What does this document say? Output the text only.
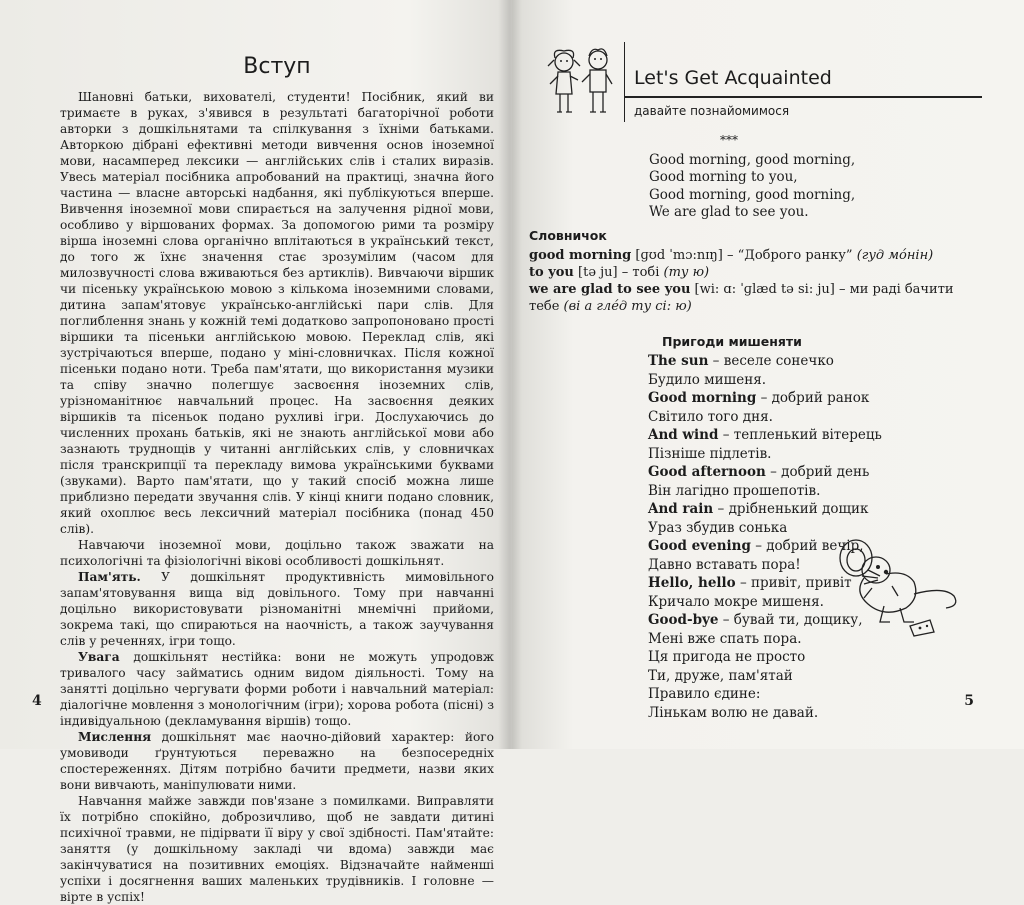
Вступ

Шановні батьки, вихователі, студенти! Посібник, який ви тримаєте в руках, з'явився в результаті багаторічної роботи авторки з дошкільнятами та спілкування з їхніми батьками. Авторкою дібрані ефективні методи вивчення основ іноземної мови, насамперед лексики — англійських слів і сталих виразів. Увесь матеріал посібника апробований на практиці, значна його частина — власне авторські надбання, які публікуються вперше. Вивчення іноземної мови спирається на залучення рідної мови, особливо у віршованих формах. За допомогою рими та розміру вірша іноземні слова органічно вплітаються в український текст, до того ж їхнє значення стає зрозумілим (часом для милозвучності слова вживаються без артиклів). Вивчаючи віршик чи пісеньку українською мовою з кількома іноземними словами, дитина запам'ятовує українсько-англійські пари слів. Для поглиблення знань у кожній темі додатково запропоновано прості віршики та пісеньки англійською мовою. Переклад слів, які зустрічаються вперше, подано у міні-словничках. Після кожної пісеньки подано ноти. Треба пам'ятати, що використання музики та співу значно полегшує засвоєння іноземних слів, урізноманітнює навчальний процес. На засвоєння деяких віршиків та пісеньок подано рухливі ігри. Дослухаючись до численних прохань батьків, які не знають англійської мови або зазнають труднощів у читанні англійських слів, у словничках після транскрипції та перекладу вимова українськими буквами (звуками). Варто пам'ятати, що у такий спосіб можна лише приблизно передати звучання слів. У кінці книги подано словник, який охоплює весь лексичний матеріал посібника (понад 450 слів).

Навчаючи іноземної мови, доцільно також зважати на психологічні та фізіологічні вікові особливості дошкільнят.

Пам'ять. У дошкільнят продуктивність мимовільного запам'ятовування вища від довільного. Тому при навчанні доцільно використовувати різноманітні мнемічні прийоми, зокрема такі, що спираються на наочність, а також заучування слів у реченнях, ігри тощо.

Увага дошкільнят нестійка: вони не можуть упродовж тривалого часу займатись одним видом діяльності. Тому на занятті доцільно чергувати форми роботи і навчальний матеріал: діалогічне мовлення з монологічним (ігри); хорова робота (пісні) з індивідуальною (декламування віршів) тощо.

Мислення дошкільнят має наочно-дійовий характер: його умовиводи ґрунтуються переважно на безпосередніх спостереженнях. Дітям потрібно бачити предмети, назви яких вони вивчають, маніпулювати ними.

Навчання майже завжди пов'язане з помилками. Виправляти їх потрібно спокійно, доброзичливо, щоб не завдати дитині психічної травми, не підірвати її віру у свої здібності. Пам'ятайте: заняття (у дошкільному закладі чи вдома) завжди має закінчуватися на позитивних емоціях. Відзначайте найменші успіхи і досягнення ваших маленьких трудівників. І головне — вірте в успіх!

4
Let's Get Acquainted
давайте познайомимося
***
Good morning, good morning,
Good morning to you,
Good morning, good morning,
We are glad to see you.
Словничок
good morning [ɡʊd ˈmɔ:nɪŋ] – “Доброго ранку” (гуд мóнін)
to you [tə ju] – тобі (ту ю)
we are glad to see you [wi: ɑ: ˈɡlæd tə si: ju] – ми раді бачити тебе (ві а глéд ту сі: ю)
Пригоди мишеняти
The sun – веселе сонечко
Будило мишеня.
Good morning – добрий ранок
Світило того дня.
And wind – тепленький вітерець
Пізніше підлетів.
Good afternoon – добрий день
Він лагідно прошепотів.
And rain – дрібненький дощик
Ураз збудив сонька
Good evening – добрий вечір,
Давно вставать пора!
Hello, hello – привіт, привіт
Кричало мокре мишеня.
Good-bye – бувай ти, дощику,
Мені вже спать пора.
Ця пригода не просто
Ти, друже, пам'ятай
Правило єдине:
Лінькам волю не давай.
5
